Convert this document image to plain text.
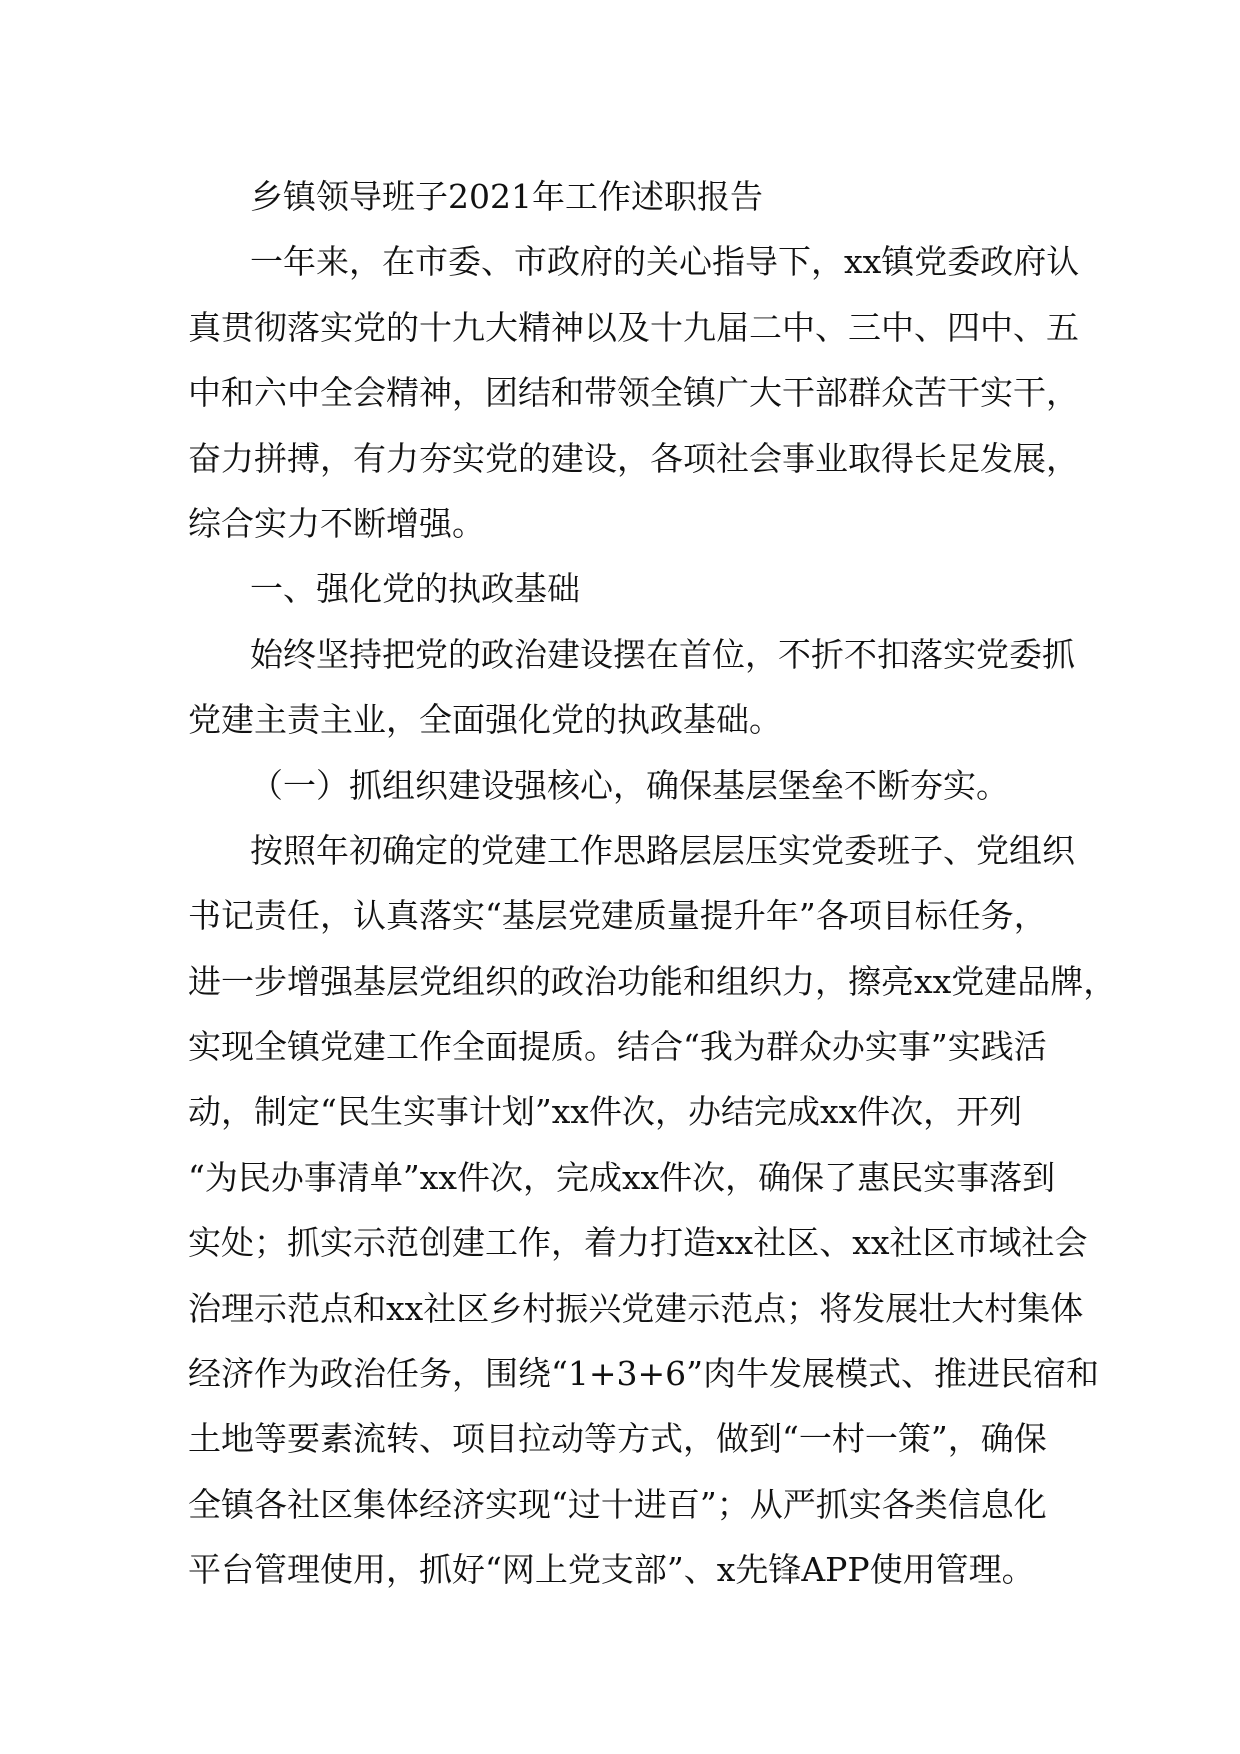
乡镇领导班子2021年工作述职报告
一年来，在市委、市政府的关心指导下，xx镇党委政府认
真贯彻落实党的十九大精神以及十九届二中、三中、四中、五
中和六中全会精神，团结和带领全镇广大干部群众苦干实干，
奋力拼搏，有力夯实党的建设，各项社会事业取得长足发展，
综合实力不断增强。
一、强化党的执政基础
始终坚持把党的政治建设摆在首位，不折不扣落实党委抓
党建主责主业，全面强化党的执政基础。
（一）抓组织建设强核心，确保基层堡垒不断夯实。
按照年初确定的党建工作思路层层压实党委班子、党组织
书记责任，认真落实“基层党建质量提升年”各项目标任务，
进一步增强基层党组织的政治功能和组织力，擦亮xx党建品牌，
实现全镇党建工作全面提质。结合“我为群众办实事”实践活
动，制定“民生实事计划”xx件次，办结完成xx件次，开列
“为民办事清单”xx件次，完成xx件次，确保了惠民实事落到
实处；抓实示范创建工作，着力打造xx社区、xx社区市域社会
治理示范点和xx社区乡村振兴党建示范点；将发展壮大村集体
经济作为政治任务，围绕“1+3+6”肉牛发展模式、推进民宿和
土地等要素流转、项目拉动等方式，做到“一村一策”，确保
全镇各社区集体经济实现“过十进百”；从严抓实各类信息化
平台管理使用，抓好“网上党支部”、x先锋APP使用管理。
